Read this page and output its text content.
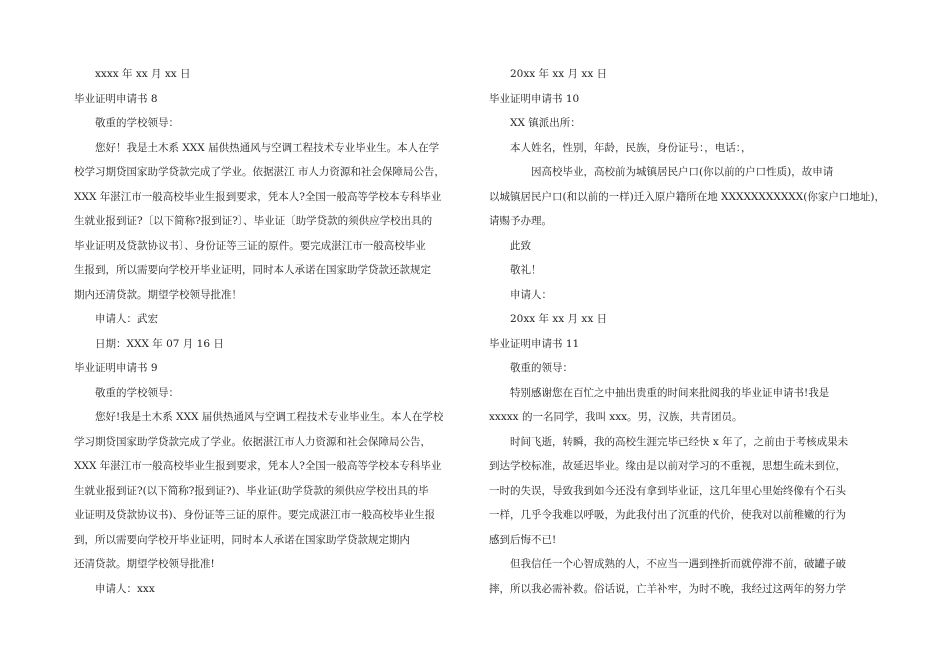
xxxx 年 xx 月 xx 日

毕业证明申请书 8

敬重的学校领导：

您好！我是土木系 XXX 届供热通风与空调工程技术专业毕业生。本人在学

校学习期贷国家助学贷款完成了学业。依据湛江 市人力资源和社会保障局公告，

XXX 年湛江市一般高校毕业生报到要求，凭本人?全国一般高等学校本专科毕业

生就业报到证?〔以下简称?报到证?〕、毕业证〔助学贷款的须供应学校出具的

毕业证明及贷款协议书〕、身份证等三证的原件。要完成湛江市一般高校毕业

生报到，所以需要向学校开毕业证明，同时本人承诺在国家助学贷款还款规定

期内还清贷款。期望学校领导批准！

申请人：武宏

日期：XXX 年 07 月 16 日

毕业证明申请书 9

敬重的学校领导：

您好!我是土木系 XXX 届供热通风与空调工程技术专业毕业生。本人在学校

学习期贷国家助学贷款完成了学业。依据湛江市人力资源和社会保障局公告，

XXX 年湛江市一般高校毕业生报到要求，凭本人?全国一般高等学校本专科毕业

生就业报到证?(以下简称?报到证?)、毕业证(助学贷款的须供应学校出具的毕

业证明及贷款协议书)、身份证等三证的原件。要完成湛江市一般高校毕业生报

到，所以需要向学校开毕业证明，同时本人承诺在国家助学贷款规定期内

还清贷款。期望学校领导批准!

申请人：xxx

20xx 年 xx 月 xx 日

毕业证明申请书 10

XX 镇派出所：

本人姓名，性别，年龄，民族，身份证号：，电话：，

因高校毕业，高校前为城镇居民户口(你以前的户口性质)，故申请

以城镇居民户口(和以前的一样)迁入原户籍所在地 XXXXXXXXXXX(你家户口地址)，

请赐予办理。

此致

敬礼！

申请人：

20xx 年 xx 月 xx 日

毕业证明申请书 11

敬重的领导：

特别感谢您在百忙之中抽出贵重的时间来批阅我的毕业证申请书!我是

xxxxx 的一名同学，我叫 xxx。男，汉族，共青团员。

时间飞逝，转瞬，我的高校生涯完毕已经快 x 年了，之前由于考核成果未

到达学校标准，故延迟毕业。缘由是以前对学习的不重视，思想生疏未到位，

一时的失误，导致我到如今还没有拿到毕业证，这几年里心里始终像有个石头

一样，几乎令我难以呼吸，为此我付出了沉重的代价，使我对以前稚嫩的行为

感到后悔不已!

但我信任一个心智成熟的人，不应当一遇到挫折而就停滞不前，破罐子破

摔，所以我必需补救。俗话说，亡羊补牢，为时不晚，我经过这两年的努力学
